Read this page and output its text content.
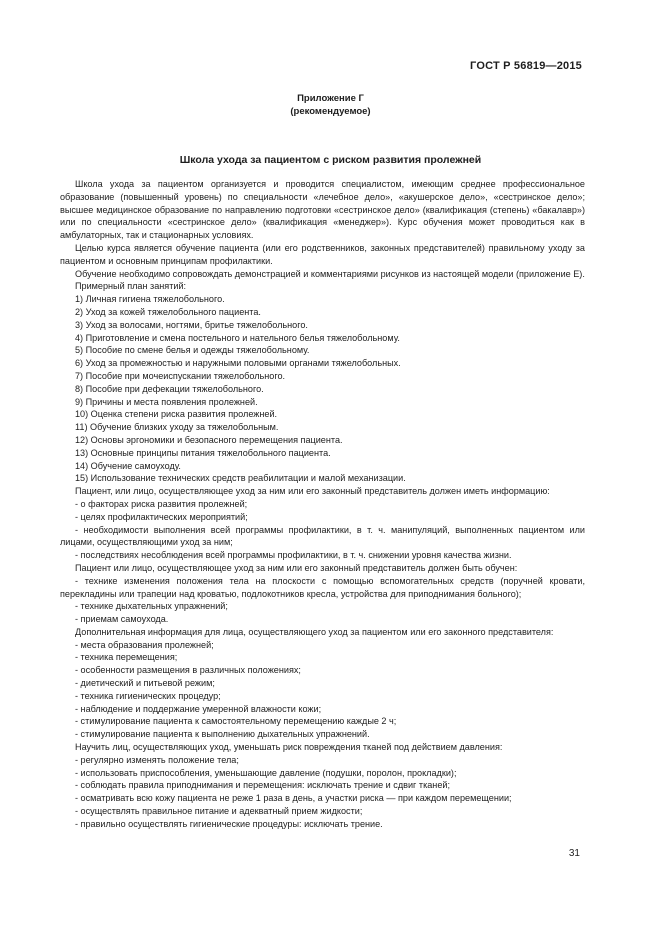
ГОСТ Р 56819—2015
Приложение Г
(рекомендуемое)
Школа ухода за пациентом с риском развития пролежней

Школа ухода за пациентом организуется и проводится специалистом, имеющим среднее профессиональное образование (повышенный уровень) по специальности «лечебное дело», «акушерское дело», «сестринское дело»; высшее медицинское образование по направлению подготовки «сестринское дело» (квалификация (степень) «бакалавр») или по специальности «сестринское дело» (квалификация «менеджер»). Курс обучения может проводиться как в амбулаторных, так и стационарных условиях.

Целью курса является обучение пациента (или его родственников, законных представителей) правильному уходу за пациентом и основным принципам профилактики.

Обучение необходимо сопровождать демонстрацией и комментариями рисунков из настоящей модели (приложение Е).

Примерный план занятий:

1) Личная гигиена тяжелобольного.

2) Уход за кожей тяжелобольного пациента.

3) Уход за волосами, ногтями, бритье тяжелобольного.

4) Приготовление и смена постельного и нательного белья тяжелобольному.

5) Пособие по смене белья и одежды тяжелобольному.

6) Уход за промежностью и наружными половыми органами тяжелобольных.

7) Пособие при мочеиспускании тяжелобольного.

8) Пособие при дефекации тяжелобольного.

9) Причины и места появления пролежней.

10) Оценка степени риска развития пролежней.

11) Обучение близких уходу за тяжелобольным.

12) Основы эргономики и безопасного перемещения пациента.

13) Основные принципы питания тяжелобольного пациента.

14) Обучение самоуходу.

15) Использование технических средств реабилитации и малой механизации.

Пациент, или лицо, осуществляющее уход за ним или его законный представитель должен иметь информацию:

- о факторах риска развития пролежней;

- целях профилактических мероприятий;

- необходимости выполнения всей программы профилактики, в т. ч. манипуляций, выполненных пациентом или лицами, осуществляющими уход за ним;

- последствиях несоблюдения всей программы профилактики, в т. ч. снижении уровня качества жизни.

Пациент или лицо, осуществляющее уход за ним или его законный представитель должен быть обучен:

- технике изменения положения тела на плоскости с помощью вспомогательных средств (поручней кровати, перекладины или трапеции над кроватью, подлокотников кресла, устройства для приподнимания больного);

- технике дыхательных упражнений;

- приемам самоухода.

Дополнительная информация для лица, осуществляющего уход за пациентом или его законного представителя:

- места образования пролежней;

- техника перемещения;

- особенности размещения в различных положениях;

- диетический и питьевой режим;

- техника гигиенических процедур;

- наблюдение и поддержание умеренной влажности кожи;

- стимулирование пациента к самостоятельному перемещению каждые 2 ч;

- стимулирование пациента к выполнению дыхательных упражнений.

Научить лиц, осуществляющих уход, уменьшать риск повреждения тканей под действием давления:

- регулярно изменять положение тела;

- использовать приспособления, уменьшающие давление (подушки, поролон, прокладки);

- соблюдать правила приподнимания и перемещения: исключать трение и сдвиг тканей;

- осматривать всю кожу пациента не реже 1 раза в день, а участки риска — при каждом перемещении;

- осуществлять правильное питание и адекватный прием жидкости;

- правильно осуществлять гигиенические процедуры: исключать трение.

31
